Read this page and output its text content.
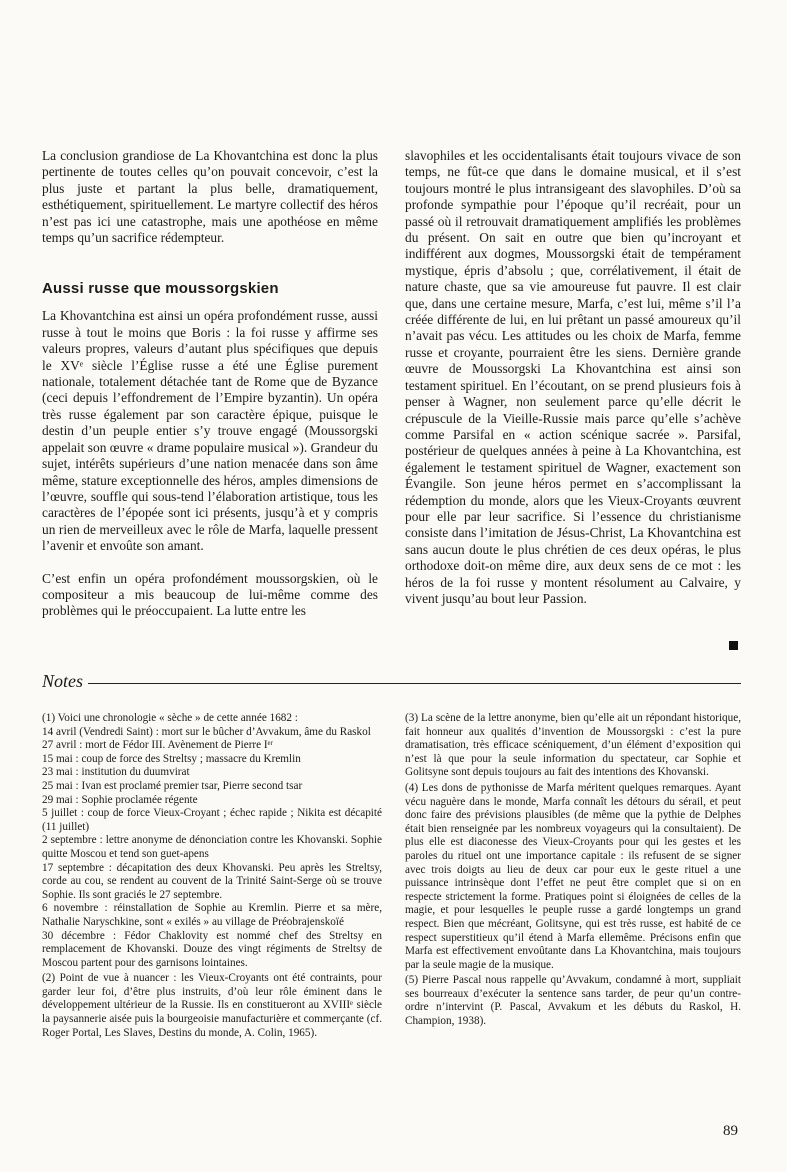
La conclusion grandiose de La Khovantchina est donc la plus pertinente de toutes celles qu’on pouvait concevoir, c’est la plus juste et partant la plus belle, dramatiquement, esthétiquement, spirituellement. Le martyre collectif des héros n’est pas ici une catastrophe, mais une apothéose en même temps qu’un sacrifice rédempteur.

Aussi russe que moussorgskien

La Khovantchina est ainsi un opéra profondément russe, aussi russe à tout le moins que Boris : la foi russe y affirme ses valeurs propres, valeurs d’autant plus spécifiques que depuis le XVᵉ siècle l’Église russe a été une Église purement nationale, totalement détachée tant de Rome que de Byzance (ceci depuis l’effondrement de l’Empire byzantin). Un opéra très russe également par son caractère épique, puisque le destin d’un peuple entier s’y trouve engagé (Moussorgski appelait son œuvre « drame populaire musical »). Grandeur du sujet, intérêts supérieurs d’une nation menacée dans son âme même, stature exceptionnelle des héros, amples dimensions de l’œuvre, souffle qui sous-tend l’élaboration artistique, tous les caractères de l’épopée sont ici présents, jusqu’à et y compris un rien de merveilleux avec le rôle de Marfa, laquelle pressent l’avenir et envoûte son amant.

C’est enfin un opéra profondément moussorgskien, où le compositeur a mis beaucoup de lui-même comme des problèmes qui le préoccupaient. La lutte entre les

slavophiles et les occidentalisants était toujours vivace de son temps, ne fût-ce que dans le domaine musical, et il s’est toujours montré le plus intransigeant des slavophiles. D’où sa profonde sympathie pour l’époque qu’il recréait, pour un passé où il retrouvait dramatiquement amplifiés les problèmes du présent. On sait en outre que bien qu’incroyant et indifférent aux dogmes, Moussorgski était de tempérament mystique, épris d’absolu ; que, corrélativement, il était de nature chaste, que sa vie amoureuse fut pauvre. Il est clair que, dans une certaine mesure, Marfa, c’est lui, même s’il l’a créée différente de lui, en lui prêtant un passé amoureux qu’il n’avait pas vécu. Les attitudes ou les choix de Marfa, femme russe et croyante, pourraient être les siens. Dernière grande œuvre de Moussorgski La Khovantchina est ainsi son testament spirituel. En l’écoutant, on se prend plusieurs fois à penser à Wagner, non seulement parce qu’elle décrit le crépuscule de la Vieille-Russie mais parce qu’elle s’achève comme Parsifal en « action scénique sacrée ». Parsifal, postérieur de quelques années à peine à La Khovantchina, est également le testament spirituel de Wagner, exactement son Évangile. Son jeune héros permet en s’accomplissant la rédemption du monde, alors que les Vieux-Croyants œuvrent pour elle par leur sacrifice. Si l’essence du christianisme consiste dans l’imitation de Jésus-Christ, La Khovantchina est sans aucun doute le plus chrétien de ces deux opéras, le plus orthodoxe doit-on même dire, aux deux sens de ce mot : les héros de la foi russe y montent résolument au Calvaire, y vivent jusqu’au bout leur Passion.

Notes
(1) Voici une chronologie « sèche » de cette année 1682 :
14 avril (Vendredi Saint) : mort sur le bûcher d’Avvakum, âme du Raskol
27 avril : mort de Fédor III. Avènement de Pierre Iᵉʳ
15 mai : coup de force des Streltsy ; massacre du Kremlin
23 mai : institution du duumvirat
25 mai : Ivan est proclamé premier tsar, Pierre second tsar
29 mai : Sophie proclamée régente
5 juillet : coup de force Vieux-Croyant ; échec rapide ; Nikita est décapité (11 juillet)
2 septembre : lettre anonyme de dénonciation contre les Khovanski. Sophie quitte Moscou et tend son guet-apens
17 septembre : décapitation des deux Khovanski. Peu après les Streltsy, corde au cou, se rendent au couvent de la Trinité Saint-Serge où se trouve Sophie. Ils sont graciés le 27 septembre.
6 novembre : réinstallation de Sophie au Kremlin. Pierre et sa mère, Nathalie Naryschkine, sont « exilés » au village de Préobrajenskoïé
30 décembre : Fédor Chaklovity est nommé chef des Streltsy en remplacement de Khovanski. Douze des vingt régiments de Streltsy de Moscou partent pour des garnisons lointaines.

(2) Point de vue à nuancer : les Vieux-Croyants ont été contraints, pour garder leur foi, d’être plus instruits, d’où leur rôle éminent dans le développement ultérieur de la Russie. Ils en constitueront au XVIIIᵉ siècle la paysannerie aisée puis la bourgeoisie manufacturière et commerçante (cf. Roger Portal, Les Slaves, Destins du monde, A. Colin, 1965).

(3) La scène de la lettre anonyme, bien qu’elle ait un répondant historique, fait honneur aux qualités d’invention de Moussorgski : c’est la pure dramatisation, très efficace scéniquement, d’un élément d’exposition qui n’est là que pour la seule information du spectateur, car Sophie et Golitsyne sont depuis toujours au fait des intentions des Khovanski.

(4) Les dons de pythonisse de Marfa méritent quelques remarques. Ayant vécu naguère dans le monde, Marfa connaît les détours du sérail, et peut donc faire des prévisions plausibles (de même que la pythie de Delphes était bien renseignée par les nombreux voyageurs qui la consultaient). De plus elle est diaconesse des Vieux-Croyants pour qui les gestes et les paroles du rituel ont une importance capitale : ils refusent de se signer avec trois doigts au lieu de deux car pour eux le geste rituel a une puissance intrinsèque dont l’effet ne peut être complet que si on en respecte strictement la forme. Pratiques point si éloignées de celles de la magie, et pour lesquelles le peuple russe a gardé longtemps un grand respect. Bien que mécréant, Golitsyne, qui est très russe, est habité de ce respect superstitieux qu’il étend à Marfa ellemême. Précisons enfin que Marfa est effectivement envoûtante dans La Khovantchina, mais toujours par la seule magie de la musique.

(5) Pierre Pascal nous rappelle qu’Avvakum, condamné à mort, suppliait ses bourreaux d’exécuter la sentence sans tarder, de peur qu’un contre-ordre n’intervint (P. Pascal, Avvakum et les débuts du Raskol, H. Champion, 1938).

89
